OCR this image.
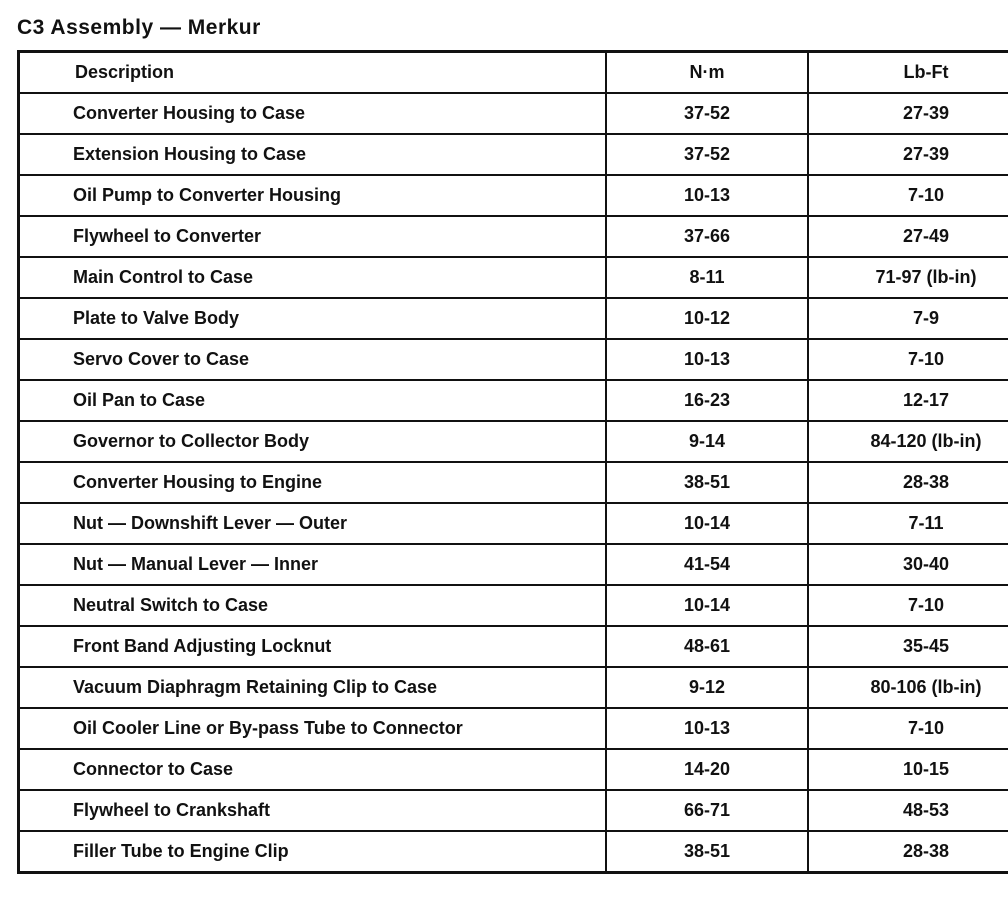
C3 Assembly — Merkur
Description	N·m	Lb-Ft
Converter Housing to Case	37-52	27-39
Extension Housing to Case	37-52	27-39
Oil Pump to Converter Housing	10-13	7-10
Flywheel to Converter	37-66	27-49
Main Control to Case	8-11	71-97 (lb-in)
Plate to Valve Body	10-12	7-9
Servo Cover to Case	10-13	7-10
Oil Pan to Case	16-23	12-17
Governor to Collector Body	9-14	84-120 (lb-in)
Converter Housing to Engine	38-51	28-38
Nut — Downshift Lever — Outer	10-14	7-11
Nut — Manual Lever — Inner	41-54	30-40
Neutral Switch to Case	10-14	7-10
Front Band Adjusting Locknut	48-61	35-45
Vacuum Diaphragm Retaining Clip to Case	9-12	80-106 (lb-in)
Oil Cooler Line or By-pass Tube to Connector	10-13	7-10
Connector to Case	14-20	10-15
Flywheel to Crankshaft	66-71	48-53
Filler Tube to Engine Clip	38-51	28-38
